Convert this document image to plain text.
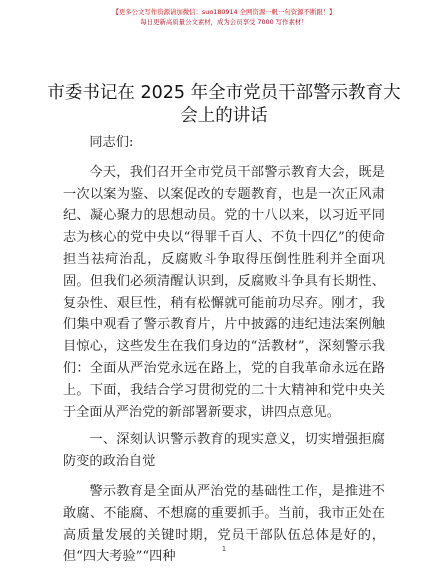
【更多公文写作资源请加微信：suo180914 全网资源一帆一句资源不断跟！】
每日更新高质量公文素材，成为会员享受 7000 写作素材！
市委书记在 2025 年全市党员干部警示教育大会上的讲话

同志们:

今天，我们召开全市党员干部警示教育大会，既是一次以案为鉴、以案促改的专题教育，也是一次正风肃纪、凝心聚力的思想动员。党的十八以来，以习近平同志为核心的党中央以“得罪千百人、不负十四亿”的使命担当祛疴治乱，反腐败斗争取得压倒性胜利并全面巩固。但我们必须清醒认识到，反腐败斗争具有长期性、复杂性、艰巨性，稍有松懈就可能前功尽弃。刚才，我们集中观看了警示教育片，片中披露的违纪违法案例触目惊心，这些发生在我们身边的“活教材”，深刻警示我们：全面从严治党永远在路上，党的自我革命永远在路上。下面，我结合学习贯彻党的二十大精神和党中央关于全面从严治党的新部署新要求，讲四点意见。

一、深刻认识警示教育的现实意义，切实增强拒腐防变的政治自觉

警示教育是全面从严治党的基础性工作，是推进不敢腐、不能腐、不想腐的重要抓手。当前，我市正处在高质量发展的关键时期，党员干部队伍总体是好的，但“四大考验”“四种

1
